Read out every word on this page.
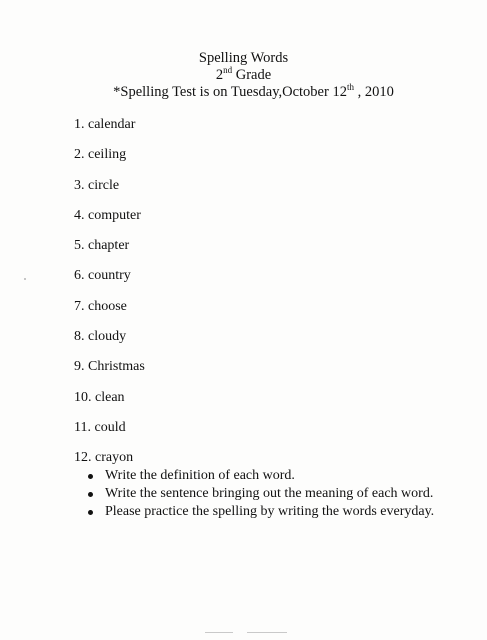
Spelling Words
2nd Grade
*Spelling Test is on Tuesday,October 12th , 2010
1. calendar
2. ceiling
3. circle
4. computer
5. chapter
6. country
7. choose
8. cloudy
9. Christmas
10. clean
11. could
12. crayon
Write the definition of each word.
Write the sentence bringing out the meaning of each word.
Please practice the spelling by writing the words everyday.
